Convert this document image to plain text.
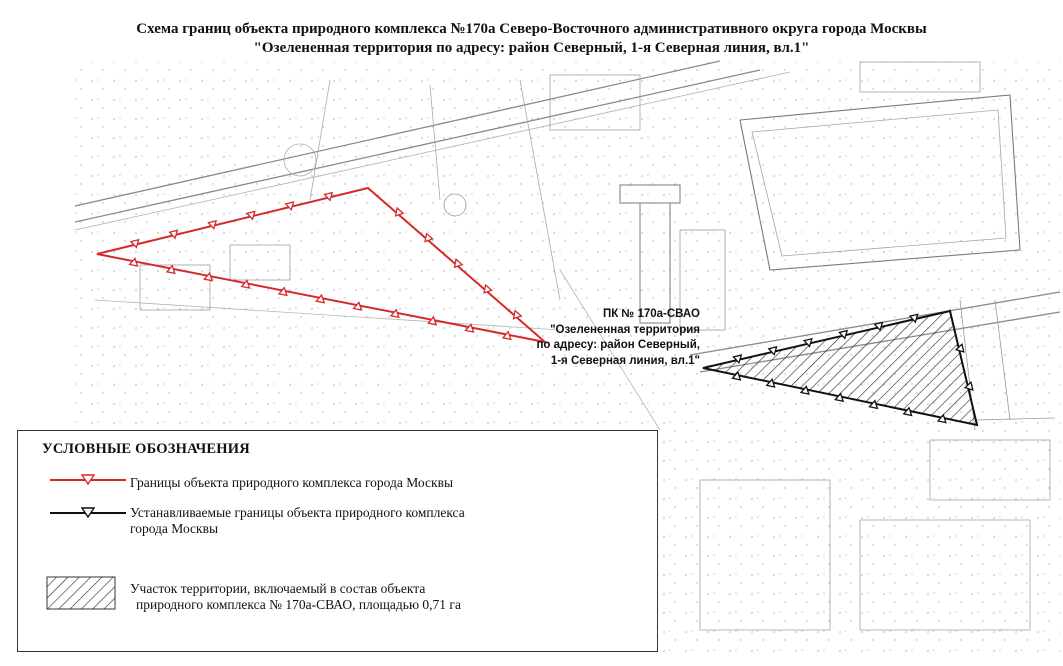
Схема границ объекта природного комплекса №170а Северо-Восточного административного округа города Москвы
"Озелененная территория по адресу: район Северный, 1-я Северная линия, вл.1"
ПК № 170а-СВАО
"Озелененная территория
по адресу: район Северный,
1-я Северная линия, вл.1"
УСЛОВНЫЕ ОБОЗНАЧЕНИЯ
Границы объекта природного комплекса города Москвы
Устанавливаемые границы объекта природного комплекса
города Москвы
Участок территории, включаемый в состав объекта
природного комплекса № 170а-СВАО, площадью 0,71 га
